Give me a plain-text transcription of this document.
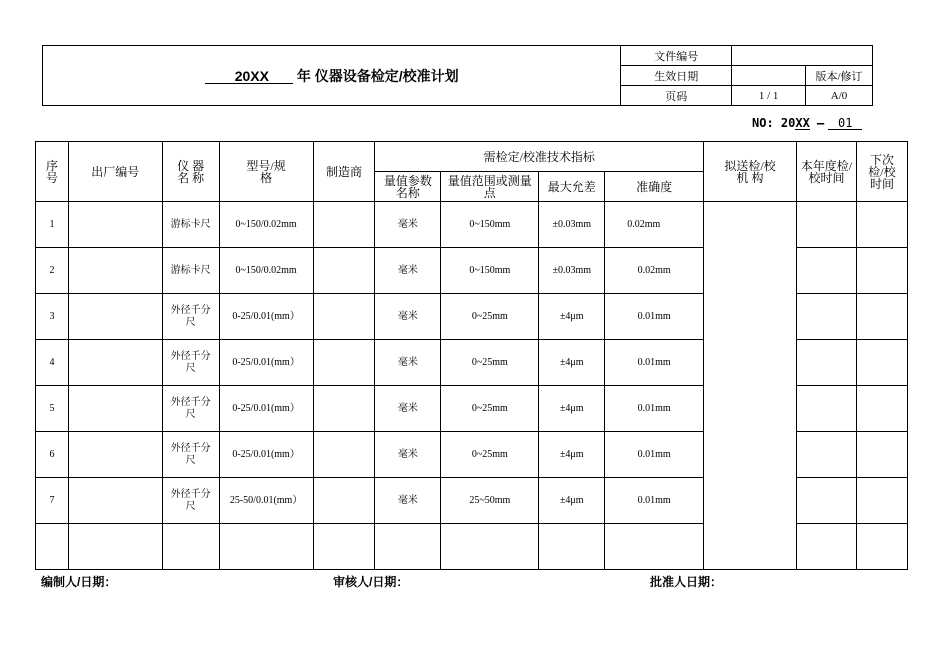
20XX 年 仪器设备检定/校准计划	文件编号		
	生效日期		版本/修订
	页码	1 / 1	A/0
NO: 20XX — 01
序号	出厂编号	仪 器 名 称	型号/规格	制造商	需检定/校准技术指标				拟送检/校 机 构	本年度检/校时间	下次检/校时间
					量值参数名称	量值范围或测量点	最大允差	准确度			
1		游标卡尺	0~150/0.02mm		毫米	0~150mm	±0.03mm	0.02mm			
2		游标卡尺	0~150/0.02mm		毫米	0~150mm	±0.03mm	0.02mm			
3		外径千分尺	0-25/0.01(mm）		毫米	0~25mm	±4μm	0.01mm			
4		外径千分尺	0-25/0.01(mm）		毫米	0~25mm	±4μm	0.01mm			
5		外径千分尺	0-25/0.01(mm）		毫米	0~25mm	±4μm	0.01mm			
6		外径千分尺	0-25/0.01(mm）		毫米	0~25mm	±4μm	0.01mm			
7		外径千分尺	25-50/0.01(mm）		毫米	25~50mm	±4μm	0.01mm			

编制人/日期：	审核人/日期：	批准人日期：
